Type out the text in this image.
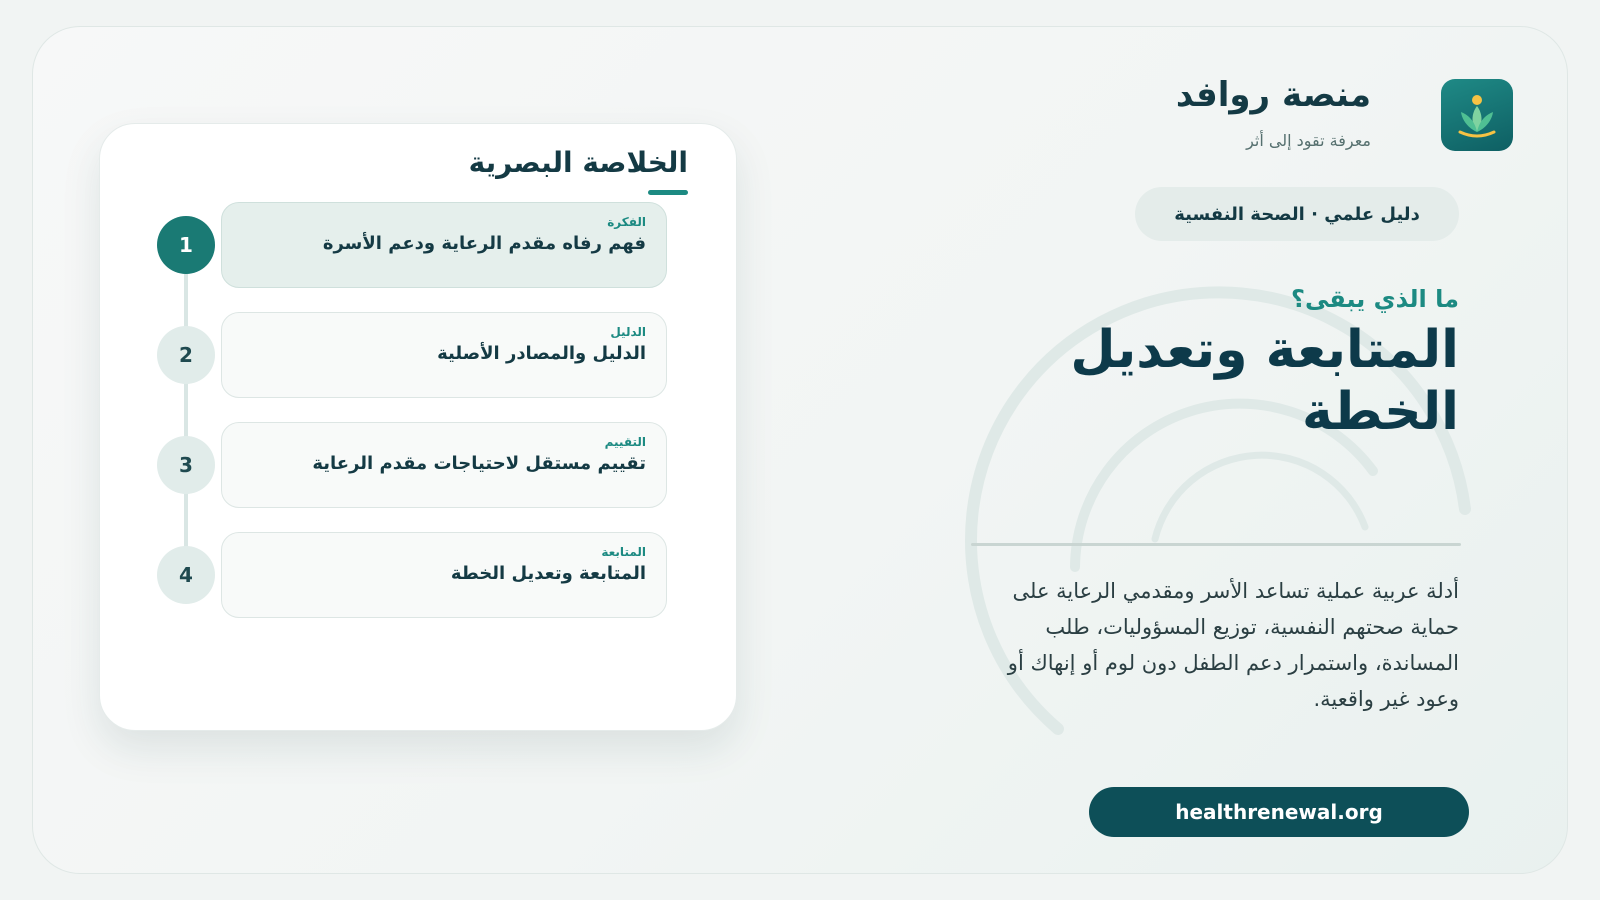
منصة روافد
معرفة تقود إلى أثر
دليل علمي · الصحة النفسية
ما الذي يبقى؟
المتابعة وتعديل الخطة
أدلة عربية عملية تساعد الأسر ومقدمي الرعاية على حماية صحتهم النفسية، توزيع المسؤوليات، طلب المساندة، واستمرار دعم الطفل دون لوم أو إنهاك أو وعود غير واقعية.
healthrenewal.org
الخلاصة البصرية
1
الفكرة
فهم رفاه مقدم الرعاية ودعم الأسرة
2
الدليل
الدليل والمصادر الأصلية
3
التقييم
تقييم مستقل لاحتياجات مقدم الرعاية
4
المتابعة
المتابعة وتعديل الخطة
